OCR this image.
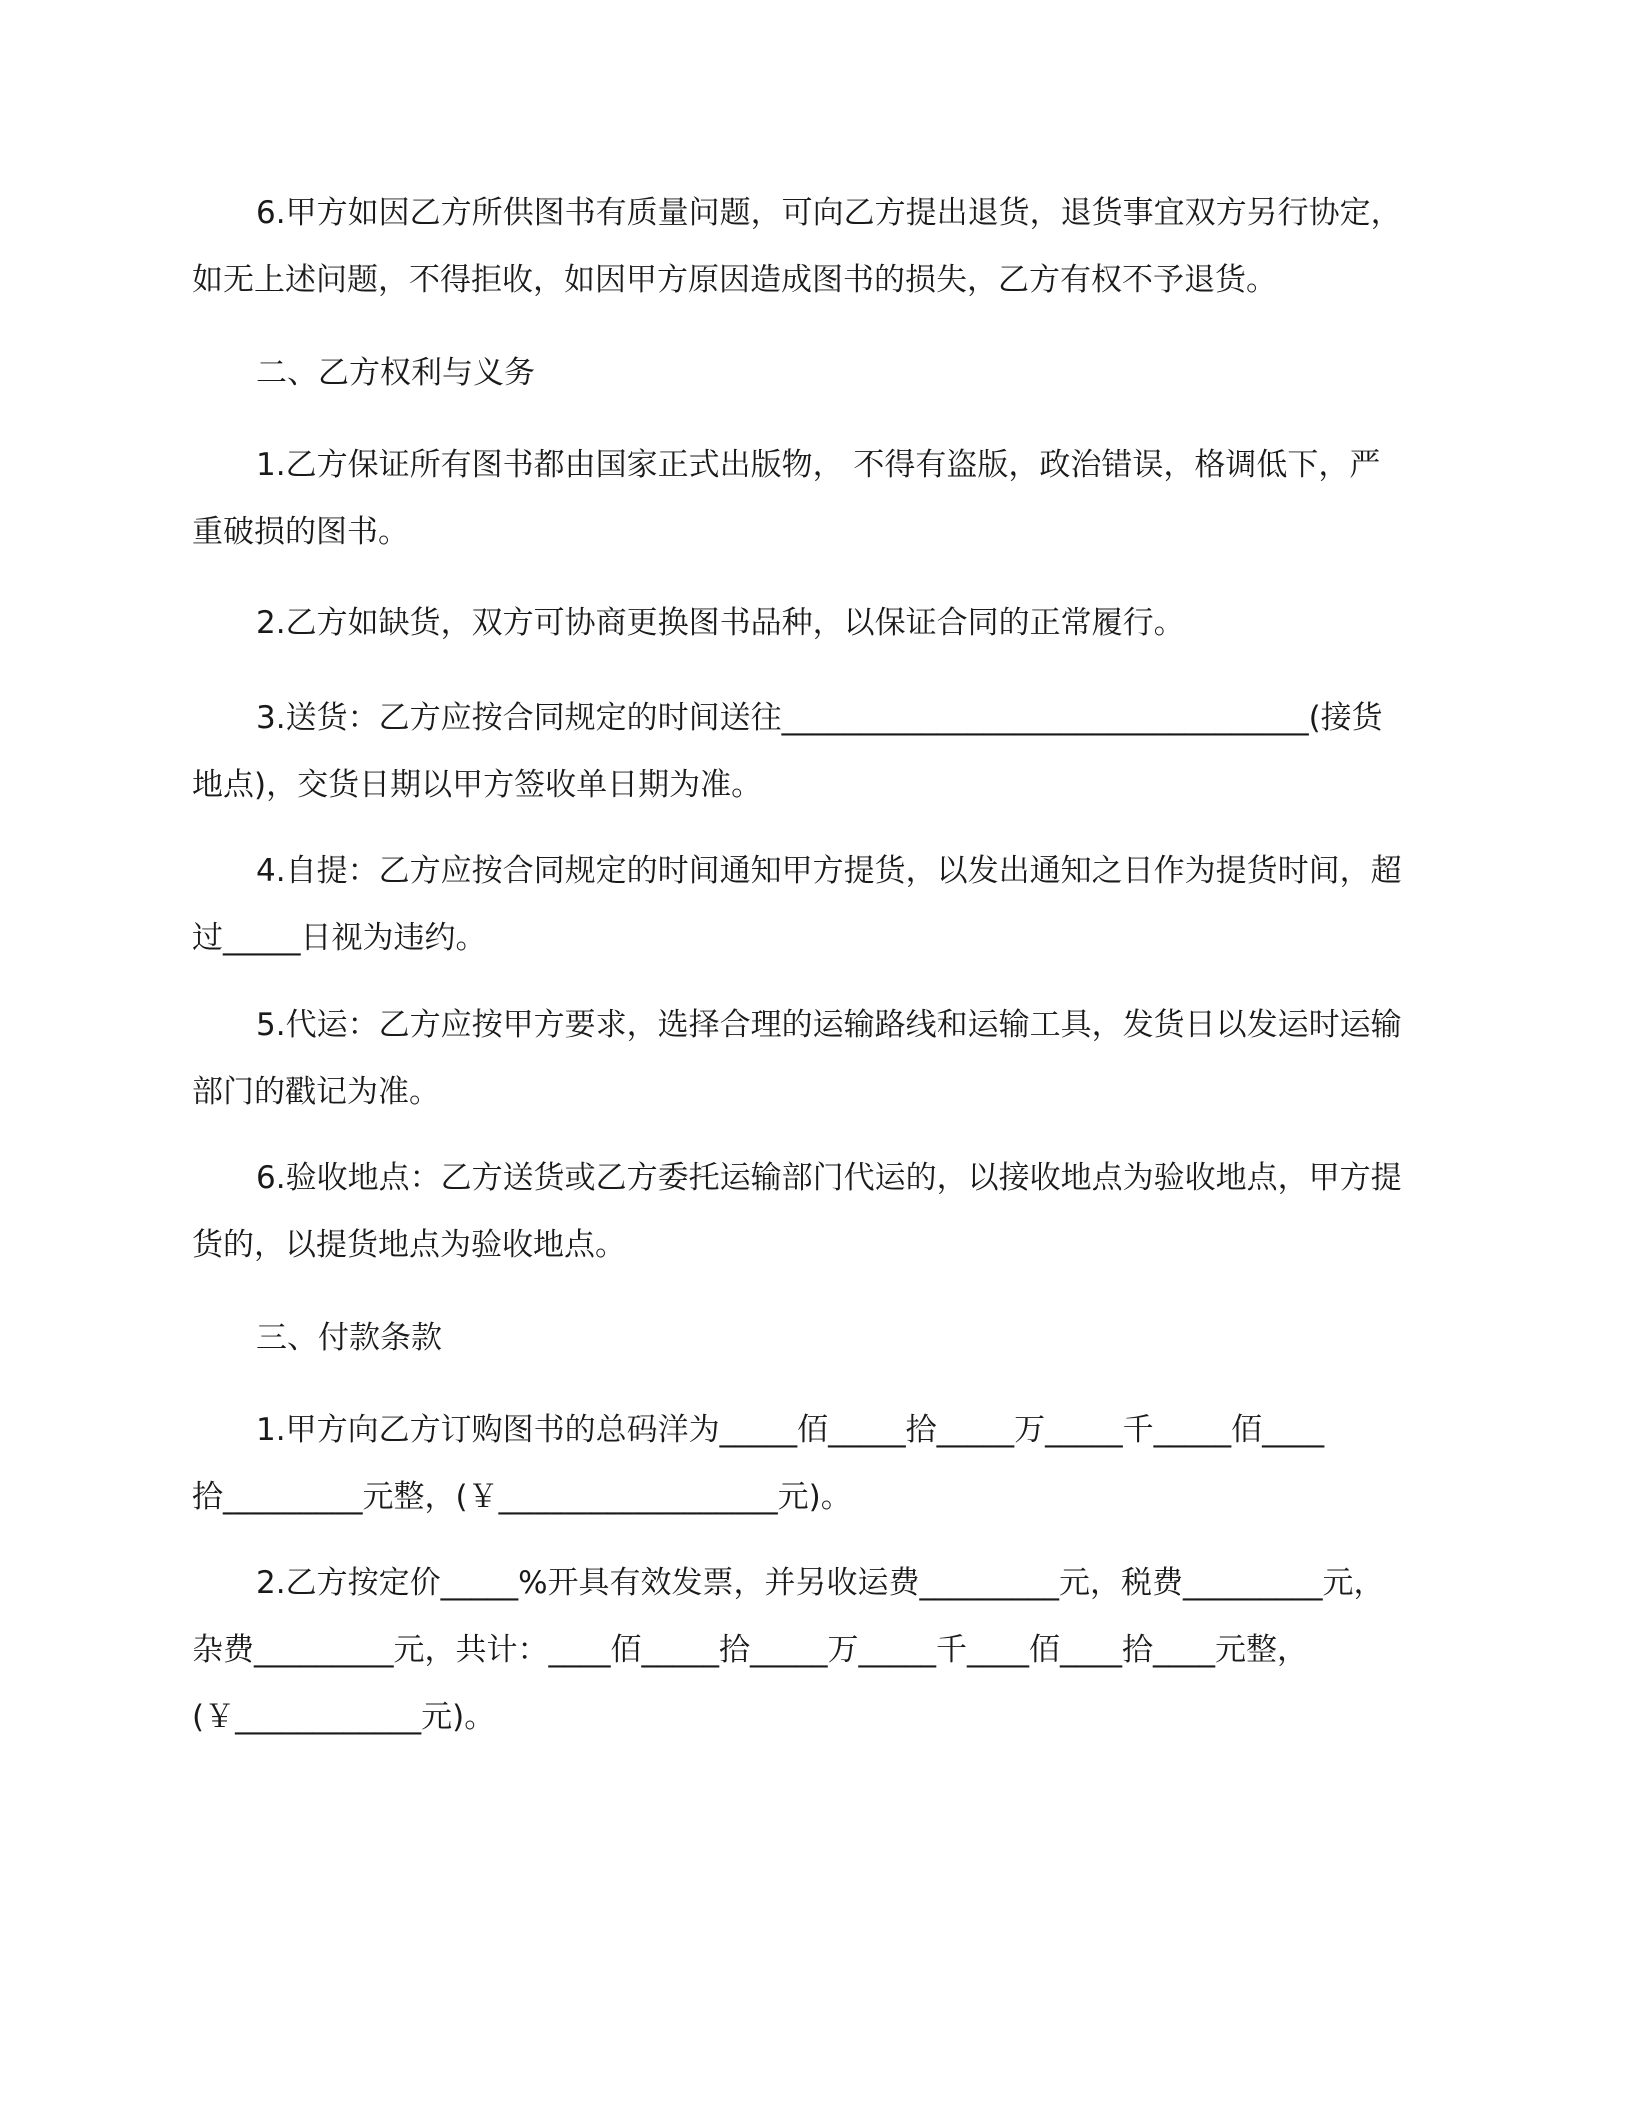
6.甲方如因乙方所供图书有质量问题，可向乙方提出退货，退货事宜双方另行协定，
如无上述问题，不得拒收，如因甲方原因造成图书的损失，乙方有权不予退货。
二、乙方权利与义务
1.乙方保证所有图书都由国家正式出版物， 不得有盗版，政治错误，格调低下，严
重破损的图书。
2.乙方如缺货，双方可协商更换图书品种，以保证合同的正常履行。
3.送货：乙方应按合同规定的时间送往__________________________________(接货
地点)，交货日期以甲方签收单日期为准。
4.自提：乙方应按合同规定的时间通知甲方提货，以发出通知之日作为提货时间，超
过_____日视为违约。
5.代运：乙方应按甲方要求，选择合理的运输路线和运输工具，发货日以发运时运输
部门的戳记为准。
6.验收地点：乙方送货或乙方委托运输部门代运的，以接收地点为验收地点，甲方提
货的，以提货地点为验收地点。
三、付款条款
1.甲方向乙方订购图书的总码洋为_____佰_____拾_____万_____千_____佰____
拾_________元整，(￥__________________元)。
2.乙方按定价_____%开具有效发票，并另收运费_________元，税费_________元，
杂费_________元，共计：____佰_____拾_____万_____千____佰____拾____元整，
(￥____________元)。
